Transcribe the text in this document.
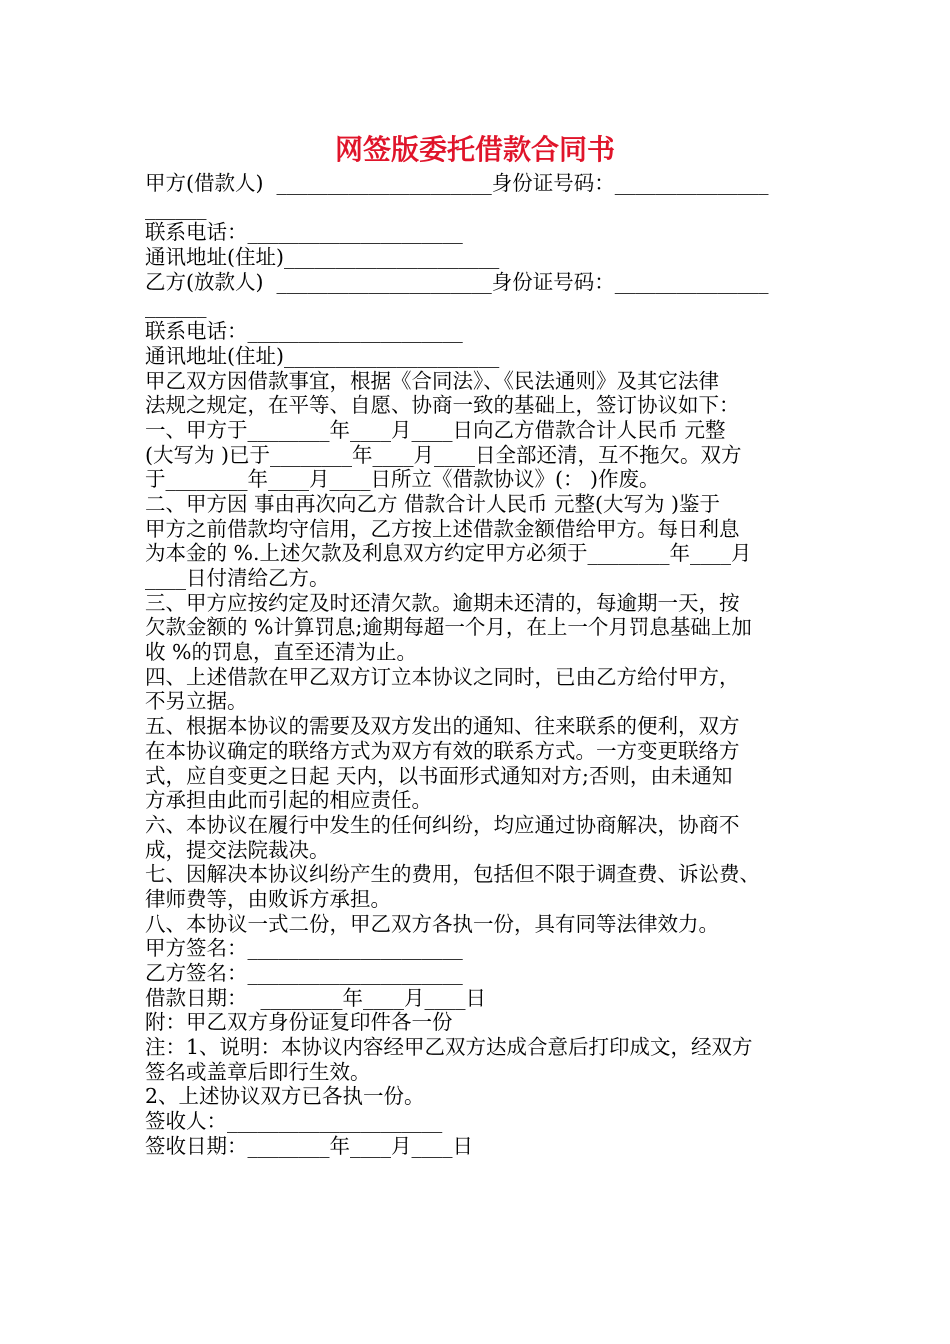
网签版委托借款合同书
甲方(借款人)  _____________________身份证号码：_______________
______
联系电话：_____________________
通讯地址(住址)_____________________
乙方(放款人)  _____________________身份证号码：_______________
______
联系电话：_____________________
通讯地址(住址)_____________________
甲乙双方因借款事宜，根据《合同法》、《民法通则》及其它法律
法规之规定，在平等、自愿、协商一致的基础上，签订协议如下：
一、甲方于________年____月____日向乙方借款合计人民币 元整
(大写为 )已于________年____月____日全部还清，互不拖欠。双方
于________年____月____日所立《借款协议》(： )作废。
二、甲方因 事由再次向乙方 借款合计人民币 元整(大写为 )鉴于
甲方之前借款均守信用，乙方按上述借款金额借给甲方。每日利息
为本金的 %.上述欠款及利息双方约定甲方必须于________年____月
____日付清给乙方。
三、甲方应按约定及时还清欠款。逾期未还清的，每逾期一天，按
欠款金额的 %计算罚息;逾期每超一个月，在上一个月罚息基础上加
收 %的罚息，直至还清为止。
四、上述借款在甲乙双方订立本协议之同时，已由乙方给付甲方，
不另立据。
五、根据本协议的需要及双方发出的通知、往来联系的便利，双方
在本协议确定的联络方式为双方有效的联系方式。一方变更联络方
式，应自变更之日起 天内，以书面形式通知对方;否则，由未通知
方承担由此而引起的相应责任。
六、本协议在履行中发生的任何纠纷，均应通过协商解决，协商不
成，提交法院裁决。
七、因解决本协议纠纷产生的费用，包括但不限于调查费、诉讼费、
律师费等，由败诉方承担。
八、本协议一式二份，甲乙双方各执一份，具有同等法律效力。
甲方签名：_____________________
乙方签名：_____________________
借款日期：  ________年____月____日
附：甲乙双方身份证复印件各一份
注：1、说明：本协议内容经甲乙双方达成合意后打印成文，经双方
签名或盖章后即行生效。
2、上述协议双方已各执一份。
签收人：_____________________
签收日期：________年____月____日
